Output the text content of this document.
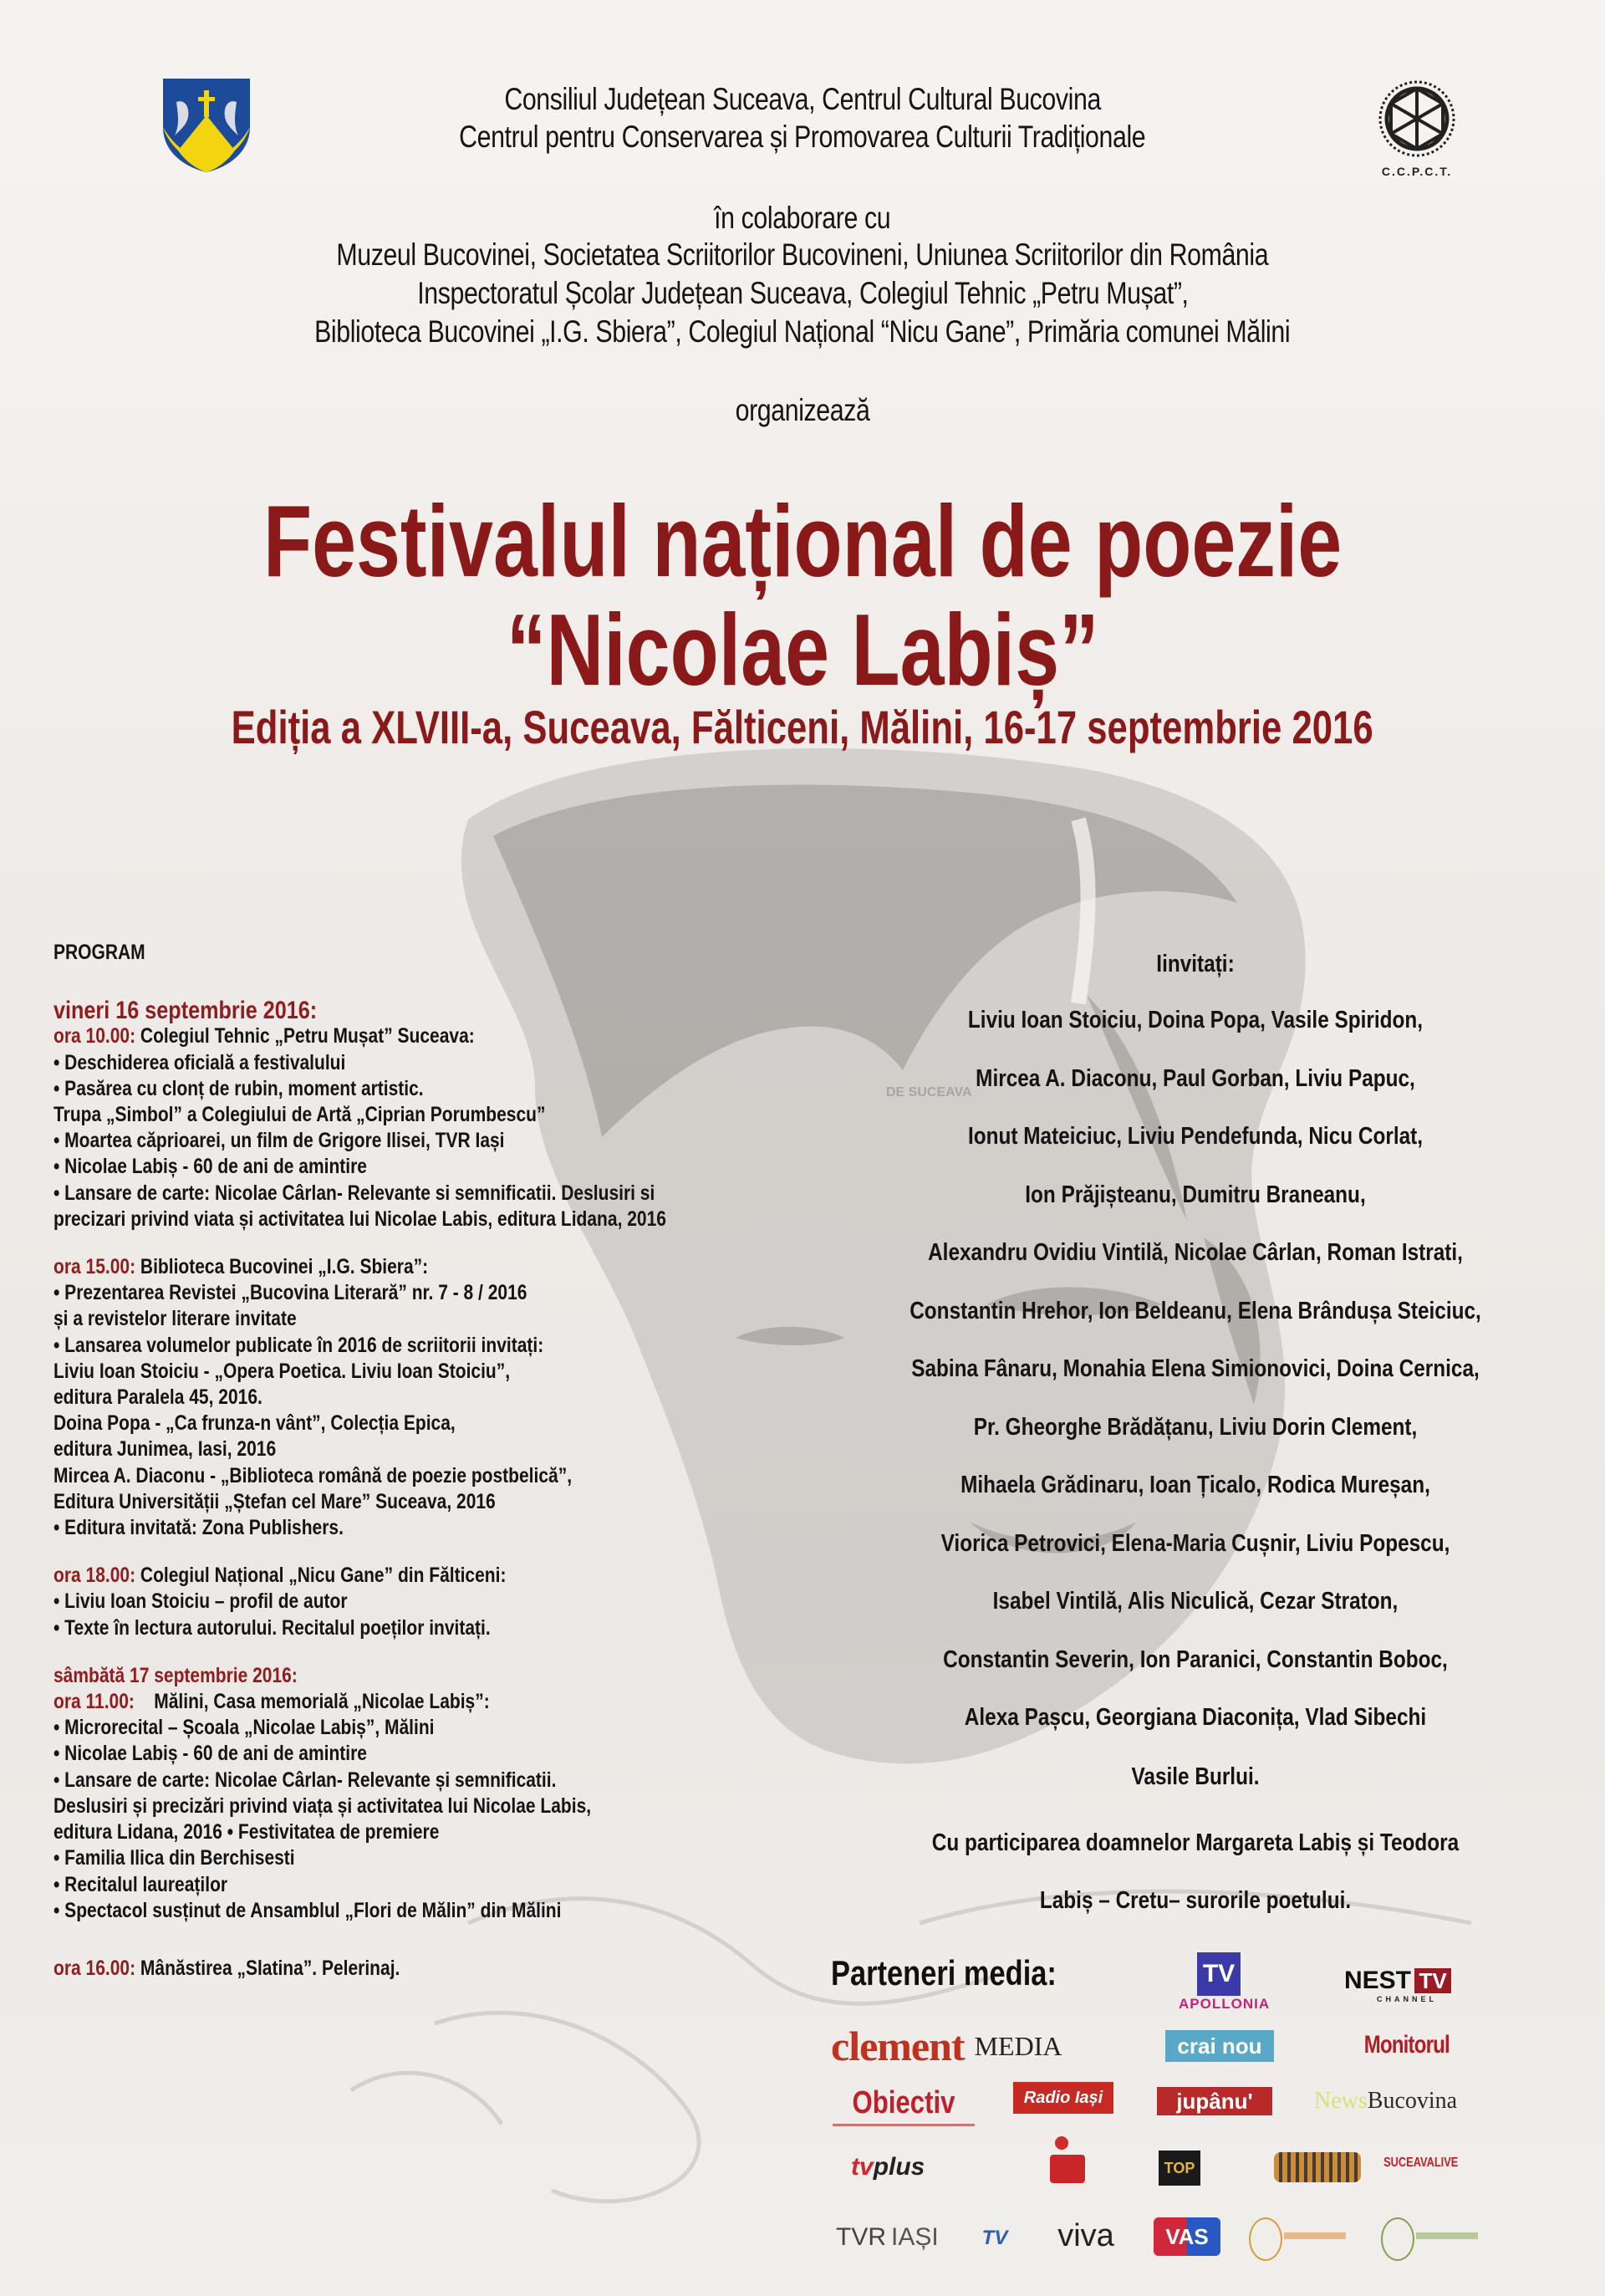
C.C.P.C.T.
Consiliul Județean Suceava, Centrul Cultural Bucovina
Centrul pentru Conservarea și Promovarea Culturii Tradiționale
în colaborare cu
Muzeul Bucovinei, Societatea Scriitorilor Bucovineni, Uniunea Scriitorilor din România
Inspectoratul Școlar Județean Suceava, Colegiul Tehnic „Petru Mușat”,
Biblioteca Bucovinei „I.G. Sbiera”, Colegiul Național “Nicu Gane”, Primăria comunei Mălini
organizează
Festivalul național de poezie
“Nicolae Labiș”
Ediția a XLVIII-a, Suceava, Fălticeni, Mălini, 16-17 septembrie 2016
DE SUCEAVA
PROGRAM
vineri 16 septembrie 2016:
ora 10.00: Colegiul Tehnic „Petru Mușat” Suceava:
• Deschiderea oficială a festivalului
• Pasărea cu clonț de rubin, moment artistic.
Trupa „Simbol” a Colegiului de Artă „Ciprian Porumbescu”
• Moartea căprioarei, un film de Grigore Ilisei, TVR Iași
• Nicolae Labiș - 60 de ani de amintire
• Lansare de carte: Nicolae Cârlan- Relevante si semnificatii. Deslusiri si
precizari privind viata și activitatea lui Nicolae Labis, editura Lidana, 2016
ora 15.00: Biblioteca Bucovinei „I.G. Sbiera”:
• Prezentarea Revistei „Bucovina Literară” nr. 7 - 8 / 2016
și a revistelor literare invitate
• Lansarea volumelor publicate în 2016 de scriitorii invitați:
Liviu Ioan Stoiciu - „Opera Poetica. Liviu Ioan Stoiciu”,
editura Paralela 45, 2016.
Doina Popa - „Ca frunza-n vânt”, Colecția Epica,
editura Junimea, Iasi, 2016
Mircea A. Diaconu - „Biblioteca română de poezie postbelică”,
Editura Universității „Ștefan cel Mare” Suceava, 2016
• Editura invitată: Zona Publishers.
ora 18.00: Colegiul Național „Nicu Gane” din Fălticeni:
• Liviu Ioan Stoiciu – profil de autor
• Texte în lectura autorului. Recitalul poeților invitați.
sâmbătă 17 septembrie 2016:
ora 11.00:    Mălini, Casa memorială „Nicolae Labiș”:
• Microrecital – Școala „Nicolae Labiș”, Mălini
• Nicolae Labiș - 60 de ani de amintire
• Lansare de carte: Nicolae Cârlan- Relevante și semnificatii.
Deslusiri și precizări privind viața și activitatea lui Nicolae Labis,
editura Lidana, 2016 • Festivitatea de premiere
• Familia Ilica din Berchisesti
• Recitalul laureaților
• Spectacol susținut de Ansamblul „Flori de Mălin” din Mălini
ora 16.00: Mânăstirea „Slatina”. Pelerinaj.
Iinvitați:
Liviu Ioan Stoiciu, Doina Popa, Vasile Spiridon,
Mircea A. Diaconu, Paul Gorban, Liviu Papuc,
Ionut Mateiciuc, Liviu Pendefunda, Nicu Corlat,
Ion Prăjișteanu, Dumitru Braneanu,
Alexandru Ovidiu Vintilă, Nicolae Cârlan, Roman Istrati,
Constantin Hrehor, Ion Beldeanu, Elena Brândușa Steiciuc,
Sabina Fânaru, Monahia Elena Simionovici, Doina Cernica,
Pr. Gheorghe Brădățanu, Liviu Dorin Clement,
Mihaela Grădinaru, Ioan Țicalo, Rodica Mureșan,
Viorica Petrovici, Elena-Maria Cușnir, Liviu Popescu,
Isabel Vintilă, Alis Niculică, Cezar Straton,
Constantin Severin, Ion Paranici, Constantin Boboc,
Alexa Pașcu, Georgiana Diaconița, Vlad Sibechi
Vasile Burlui.
Cu participarea doamnelor Margareta Labiș și Teodora
Labiș – Cretu– surorile poetului.
Parteneri media:	TV
APOLLONIA
NEST TV
CHANNEL
clement MEDIA	crai nou	Monitorul
Obiectiv	Radio Iași	jupânu'	News Bucovina
tv plus	TOP	SUCEAVALIVE
TVR IAȘI	TV	viva	VAS
